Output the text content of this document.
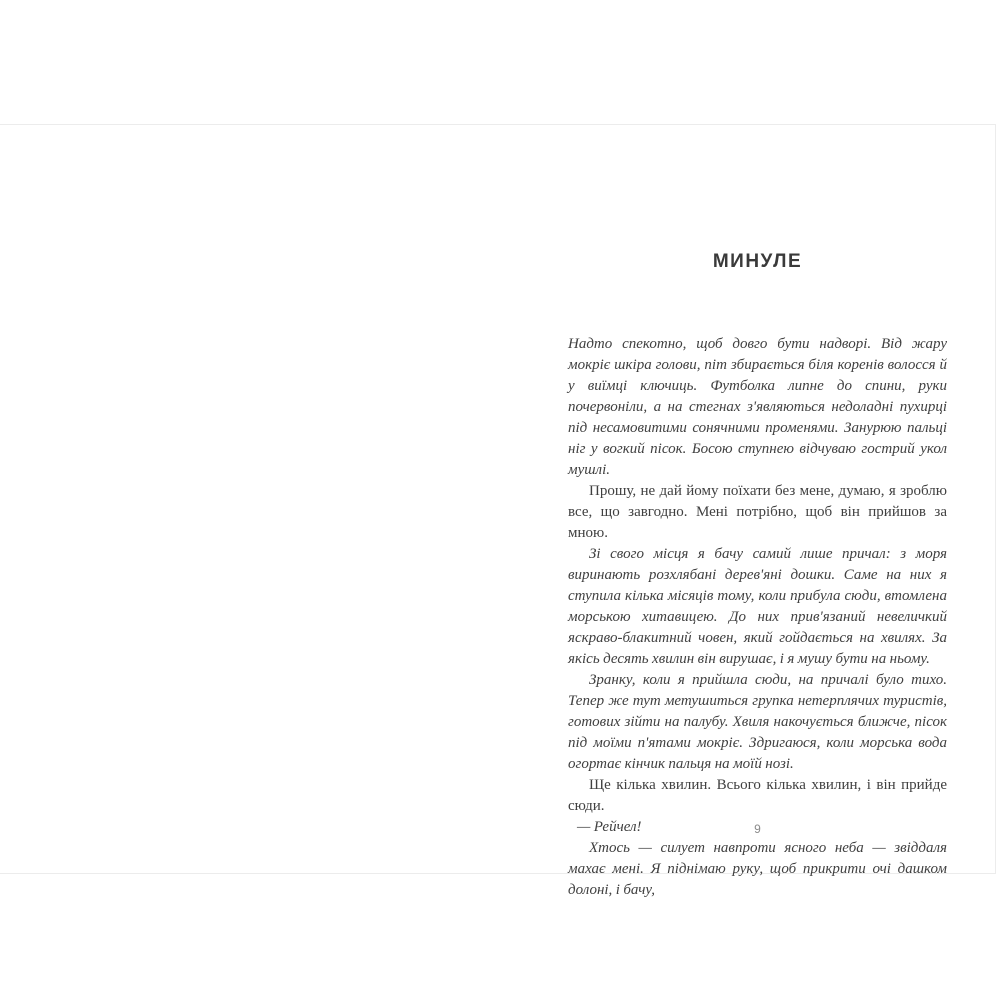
МИНУЛЕ

Надто спекотно, щоб довго бути надворі. Від жару мокріє шкіра голови, піт збирається біля коренів волосся й у виїмці ключиць. Футболка липне до спини, руки почервоніли, а на стегнах з'являються недоладні пухирці під несамовитими сонячними променями. Занурюю пальці ніг у вогкий пісок. Босою ступнею відчуваю гострий укол мушлі.

Прошу, не дай йому поїхати без мене, думаю, я зроблю все, що завгодно. Мені потрібно, щоб він прийшов за мною.

Зі свого місця я бачу самий лише причал: з моря виринають розхлябані дерев'яні дошки. Саме на них я ступила кілька місяців тому, коли прибула сюди, втомлена морською хитавицею. До них прив'язаний невеличкий яскраво-блакитний човен, який гойдається на хвилях. За якісь десять хвилин він вирушає, і я мушу бути на ньому.

Зранку, коли я прийшла сюди, на причалі було тихо. Тепер же тут метушиться групка нетерплячих туристів, готових зійти на палубу. Хвиля накочується ближче, пісок під моїми п'ятами мокріє. Здригаюся, коли морська вода огортає кінчик пальця на моїй нозі.

Ще кілька хвилин. Всього кілька хвилин, і він прийде сюди.

— Рейчел!

Хтось — силует навпроти ясного неба — звіддаля махає мені. Я піднімаю руку, щоб прикрити очі дашком долоні, і бачу,

9
